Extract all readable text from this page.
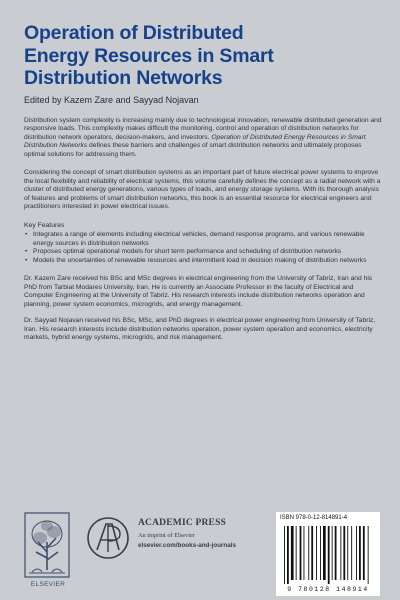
Operation of Distributed
Energy Resources in Smart
Distribution Networks
Edited by Kazem Zare and Sayyad Nojavan

Distribution system complexity is increasing mainly due to technological innovation, renewable distributed generation and responsive loads. This complexity makes difficult the monitoring, control and operation of distribution networks for distribution network operators, decision-makers, and investors. Operation of Distributed Energy Resources in Smart Distribution Networks defines these barriers and challenges of smart distribution networks and ultimately proposes optimal solutions for addressing them.

Considering the concept of smart distribution systems as an important part of future electrical power systems to improve the local flexibility and reliability of electrical systems, this volume carefully defines the concept as a radial network with a cluster of distributed energy generations, various types of loads, and energy storage systems. With its thorough analysis of features and problems of smart distribution networks, this book is an essential resource for electrical engineers and practitioners interested in power electrical issues.

Key Features
• Integrates a range of elements including electrical vehicles, demand response programs, and various renewable energy sources in distribution networks
• Proposes optimal operational models for short term performance and scheduling of distribution networks
• Models the uncertainties of renewable resources and intermittent load in decision making of distribution networks

Dr. Kazem Zare received his BSc and MSc degrees in electrical engineering from the University of Tabriz, Iran and his PhD from Tarbiat Modares University, Iran. He is currently an Associate Professor in the faculty of Electrical and Computer Engineering at the University of Tabriz. His research interests include distribution networks operation and planning, power system economics, microgrids, and energy management.

Dr. Sayyad Nojavan received his BSc, MSc, and PhD degrees in electrical power engineering from University of Tabriz, Iran. His research interests include distribution networks operation, power system operation and economics, electricity markets, hybrid energy systems, microgrids, and risk management.

ELSEVIER
ACADEMIC PRESS
An imprint of Elsevier
elsevier.com/books-and-journals
ISBN 978-0-12-814891-4
9 780128 148914
